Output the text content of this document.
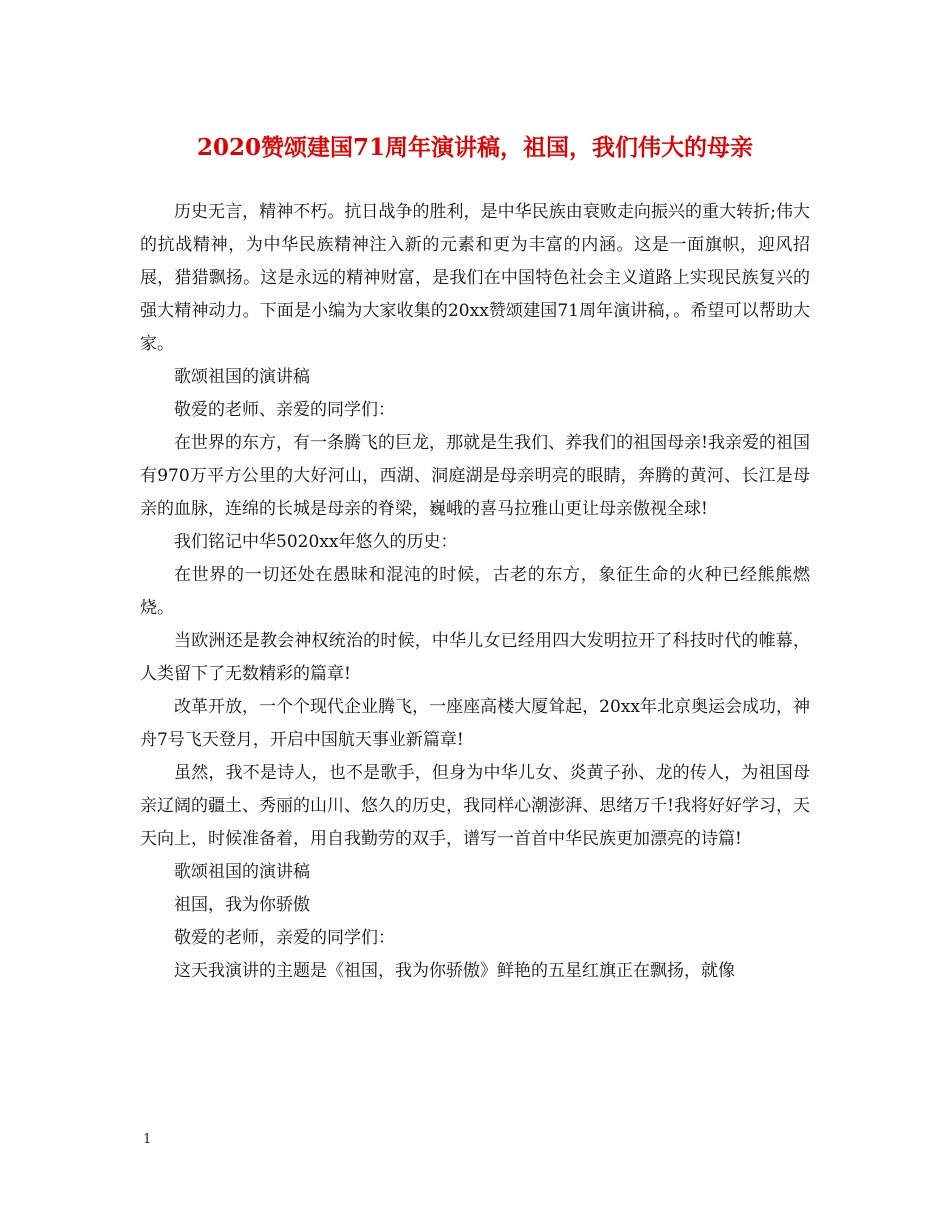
2020赞颂建国71周年演讲稿，祖国，我们伟大的母亲

历史无言，精神不朽。抗日战争的胜利，是中华民族由衰败走向振兴的重大转折;伟大的抗战精神，为中华民族精神注入新的元素和更为丰富的内涵。这是一面旗帜，迎风招展，猎猎飘扬。这是永远的精神财富，是我们在中国特色社会主义道路上实现民族复兴的强大精神动力。下面是小编为大家收集的20xx赞颂建国71周年演讲稿，。希望可以帮助大家。

歌颂祖国的演讲稿

敬爱的老师、亲爱的同学们：

在世界的东方，有一条腾飞的巨龙，那就是生我们、养我们的祖国母亲!我亲爱的祖国有970万平方公里的大好河山，西湖、洞庭湖是母亲明亮的眼睛，奔腾的黄河、长江是母亲的血脉，连绵的长城是母亲的脊梁，巍峨的喜马拉雅山更让母亲傲视全球!

我们铭记中华5020xx年悠久的历史：

在世界的一切还处在愚昧和混沌的时候，古老的东方，象征生命的火种已经熊熊燃烧。

当欧洲还是教会神权统治的时候，中华儿女已经用四大发明拉开了科技时代的帷幕，人类留下了无数精彩的篇章!

改革开放，一个个现代企业腾飞，一座座高楼大厦耸起，20xx年北京奥运会成功，神舟7号飞天登月，开启中国航天事业新篇章!

虽然，我不是诗人，也不是歌手，但身为中华儿女、炎黄子孙、龙的传人，为祖国母亲辽阔的疆土、秀丽的山川、悠久的历史，我同样心潮澎湃、思绪万千!我将好好学习，天天向上，时候准备着，用自我勤劳的双手，谱写一首首中华民族更加漂亮的诗篇!

歌颂祖国的演讲稿

祖国，我为你骄傲

敬爱的老师，亲爱的同学们：

这天我演讲的主题是《祖国，我为你骄傲》鲜艳的五星红旗正在飘扬，就像

1
